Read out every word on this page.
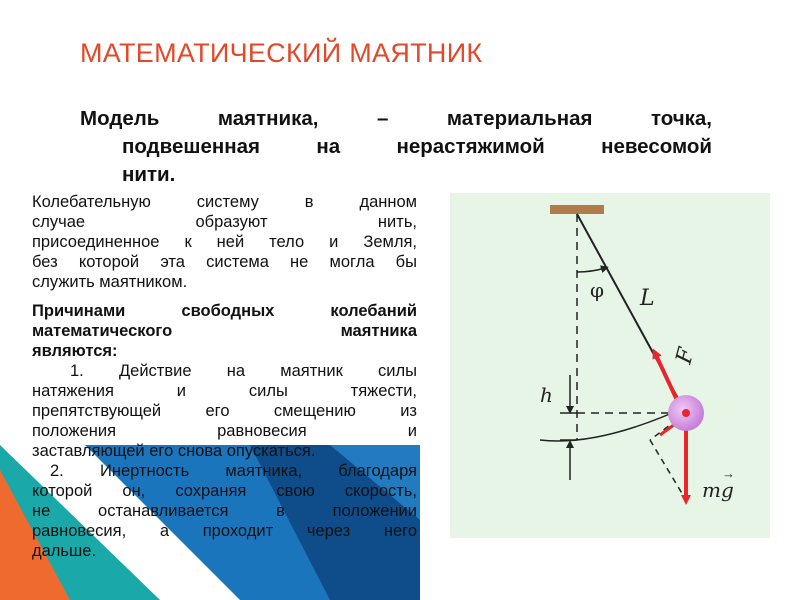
МАТЕМАТИЧЕСКИЙ МАЯТНИК
Модель маятника, – материальная точка,
подвешенная на нерастяжимой невесомой
нити.
φ L
h
F
mg
→

Колебательную систему в данном
случае образуют нить,
присоединенное к ней тело и Земля,
без которой эта система не могла бы
служить маятником.

Причинами свободных колебаний
математического маятника
являются:

1. Действие на маятник силы
натяжения и силы тяжести,
препятствующей его смещению из
положения равновесия и
заставляющей его снова опускаться.

2. Инертность маятника, благодаря
которой он, сохраняя свою скорость,
не останавливается в положении
равновесия, а проходит через него
дальше.
